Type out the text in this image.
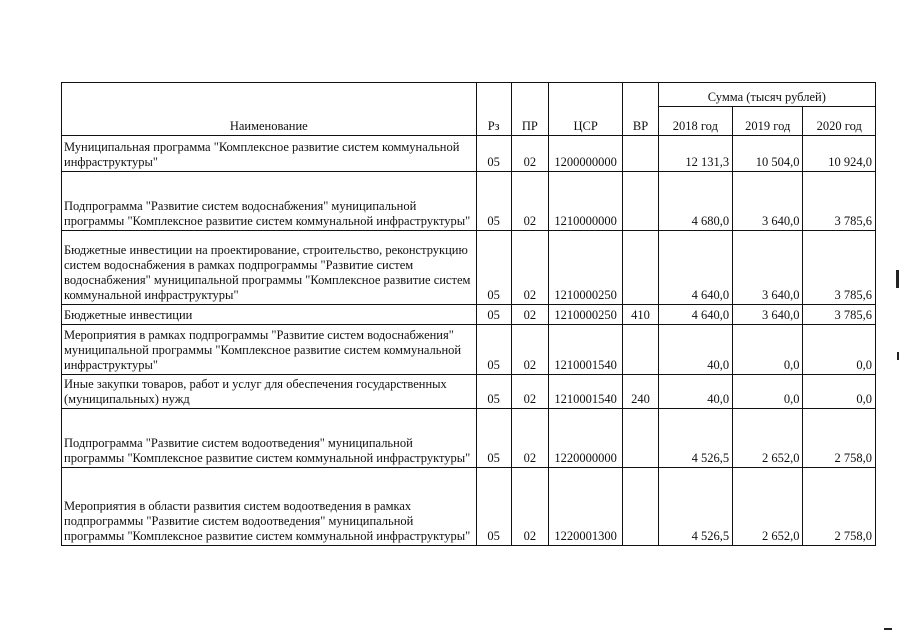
Наименование	Рз	ПР	ЦСР	ВР	Сумма (тысяч рублей)		
					2018 год	2019 год	2020 год
Муниципальная программа "Комплексное развитие систем коммунальной инфраструктуры"	05	02	1200000000		12 131,3	10 504,0	10 924,0
Подпрограмма "Развитие систем водоснабжения" муниципальной программы "Комплексное развитие систем коммунальной инфраструктуры"	05	02	1210000000		4 680,0	3 640,0	3 785,6
Бюджетные инвестиции на проектирование, строительство, реконструкцию систем водоснабжения в рамках подпрограммы "Развитие систем водоснабжения" муниципальной программы "Комплексное развитие систем коммунальной инфраструктуры"	05	02	1210000250		4 640,0	3 640,0	3 785,6
Бюджетные инвестиции	05	02	1210000250	410	4 640,0	3 640,0	3 785,6
Мероприятия в рамках подпрограммы "Развитие систем водоснабжения" муниципальной программы "Комплексное развитие систем коммунальной инфраструктуры"	05	02	1210001540		40,0	0,0	0,0
Иные закупки товаров, работ и услуг для обеспечения государственных (муниципальных) нужд	05	02	1210001540	240	40,0	0,0	0,0
Подпрограмма "Развитие систем водоотведения" муниципальной программы "Комплексное развитие систем коммунальной инфраструктуры"	05	02	1220000000		4 526,5	2 652,0	2 758,0
Мероприятия в области развития систем водоотведения в рамках подпрограммы "Развитие систем водоотведения" муниципальной программы "Комплексное развитие систем коммунальной инфраструктуры"	05	02	1220001300		4 526,5	2 652,0	2 758,0
